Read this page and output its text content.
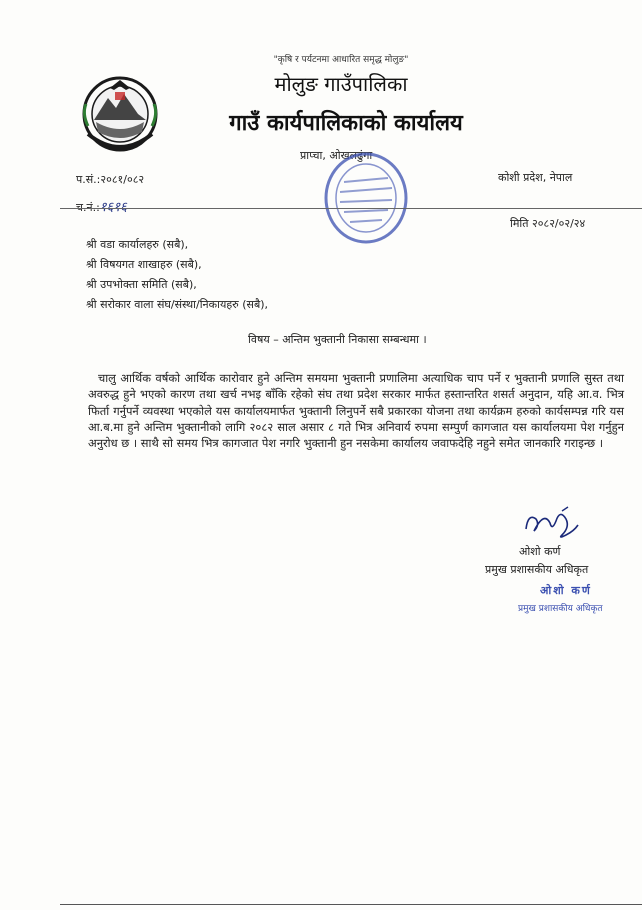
"कृषि र पर्यटनमा आधारित समृद्ध मोलुङ"
मोलुङ गाउँपालिका
गाउँ कार्यपालिकाको कार्यालय
प्राप्चा, ओखलढुंगा
कोशी प्रदेश, नेपाल
प.सं.:२०८१/०८२
च.नं.:१६१६
मिति २०८२/०२/२४
श्री वडा कार्यालहरु (सबै),
श्री विषयगत शाखाहरु (सबै),
श्री उपभोक्ता समिति (सबै),
श्री सरोकार वाला संघ/संस्था/निकायहरु (सबै),
विषय – अन्तिम भुक्तानी निकासा सम्बन्धमा ।
चालु आर्थिक वर्षको आर्थिक कारोवार हुने अन्तिम समयमा भुक्तानी प्रणालिमा अत्याधिक चाप पर्ने र भुक्तानी प्रणालि सुस्त तथा अवरुद्ध हुने भएको कारण तथा खर्च नभइ बाँकि रहेको संघ तथा प्रदेश सरकार मार्फत हस्तान्तरित शसर्त अनुदान, यहि आ.व. भित्र फिर्ता गर्नुपर्ने व्यवस्था भएकोले यस कार्यालयमार्फत भुक्तानी लिनुपर्ने सबै प्रकारका योजना तथा कार्यक्रम हरुको कार्यसम्पन्न गरि यस आ.ब.मा हुने अन्तिम भुक्तानीको लागि २०८२ साल असार ८ गते भित्र अनिवार्य रुपमा सम्पुर्ण कागजात यस कार्यालयमा पेश गर्नुहुन अनुरोध छ । साथै सो समय भित्र कागजात पेश नगरि भुक्तानी हुन नसकेमा कार्यालय जवाफदेहि नहुने समेत जानकारि गराइन्छ ।
ओशो कर्ण
प्रमुख प्रशासकीय अधिकृत
ओशो कर्ण
प्रमुख प्रशासकीय अधिकृत
